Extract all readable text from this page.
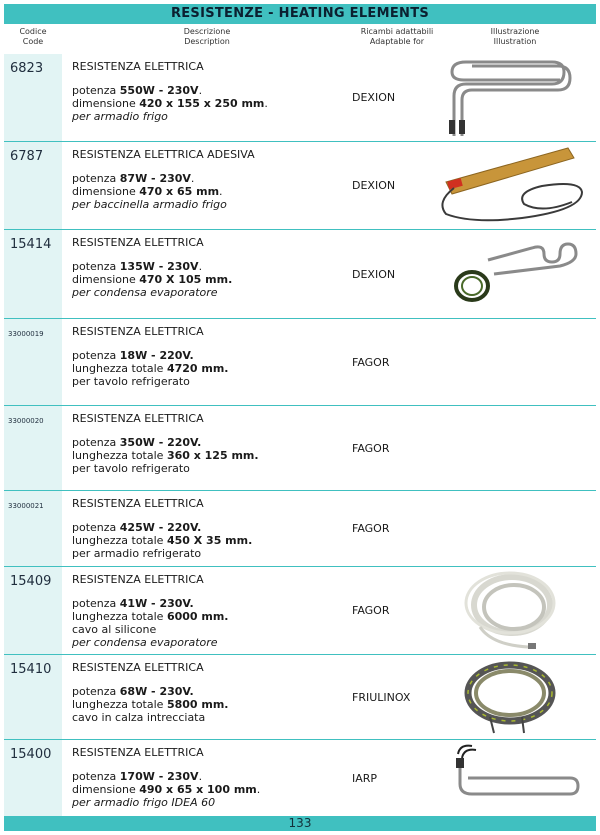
RESISTENZE - HEATING ELEMENTS
Codice
Code
Descrizione
Description
Ricambi adattabili
Adaptable for
Illustrazione
Illustration
6823	RESISTENZA ELETTRICA
potenza 550W - 230V.
dimensione 420 x 155 x 250 mm.
per armadio frigo
DEXION
6787	RESISTENZA ELETTRICA ADESIVA
potenza 87W - 230V.
dimensione 470 x 65 mm.
per baccinella armadio frigo
DEXION
15414	RESISTENZA ELETTRICA
potenza 135W - 230V.
dimensione 470 X 105 mm.
per condensa evaporatore
DEXION
33000019	RESISTENZA ELETTRICA
potenza 18W - 220V.
lunghezza totale 4720 mm.
per tavolo refrigerato
FAGOR
33000020	RESISTENZA ELETTRICA
potenza 350W - 220V.
lunghezza totale 360 x 125 mm.
per tavolo refrigerato
FAGOR
33000021	RESISTENZA ELETTRICA
potenza 425W - 220V.
lunghezza totale 450 X 35 mm.
per armadio refrigerato
FAGOR
15409	RESISTENZA ELETTRICA
potenza 41W - 230V.
lunghezza totale 6000 mm.
cavo al silicone
per condensa evaporatore
FAGOR
15410	RESISTENZA ELETTRICA
potenza 68W - 230V.
lunghezza totale 5800 mm.
cavo in calza intrecciata
FRIULINOX
15400	RESISTENZA ELETTRICA
potenza 170W - 230V.
dimensione 490 x 65 x 100 mm.
per armadio frigo IDEA 60
IARP
133
